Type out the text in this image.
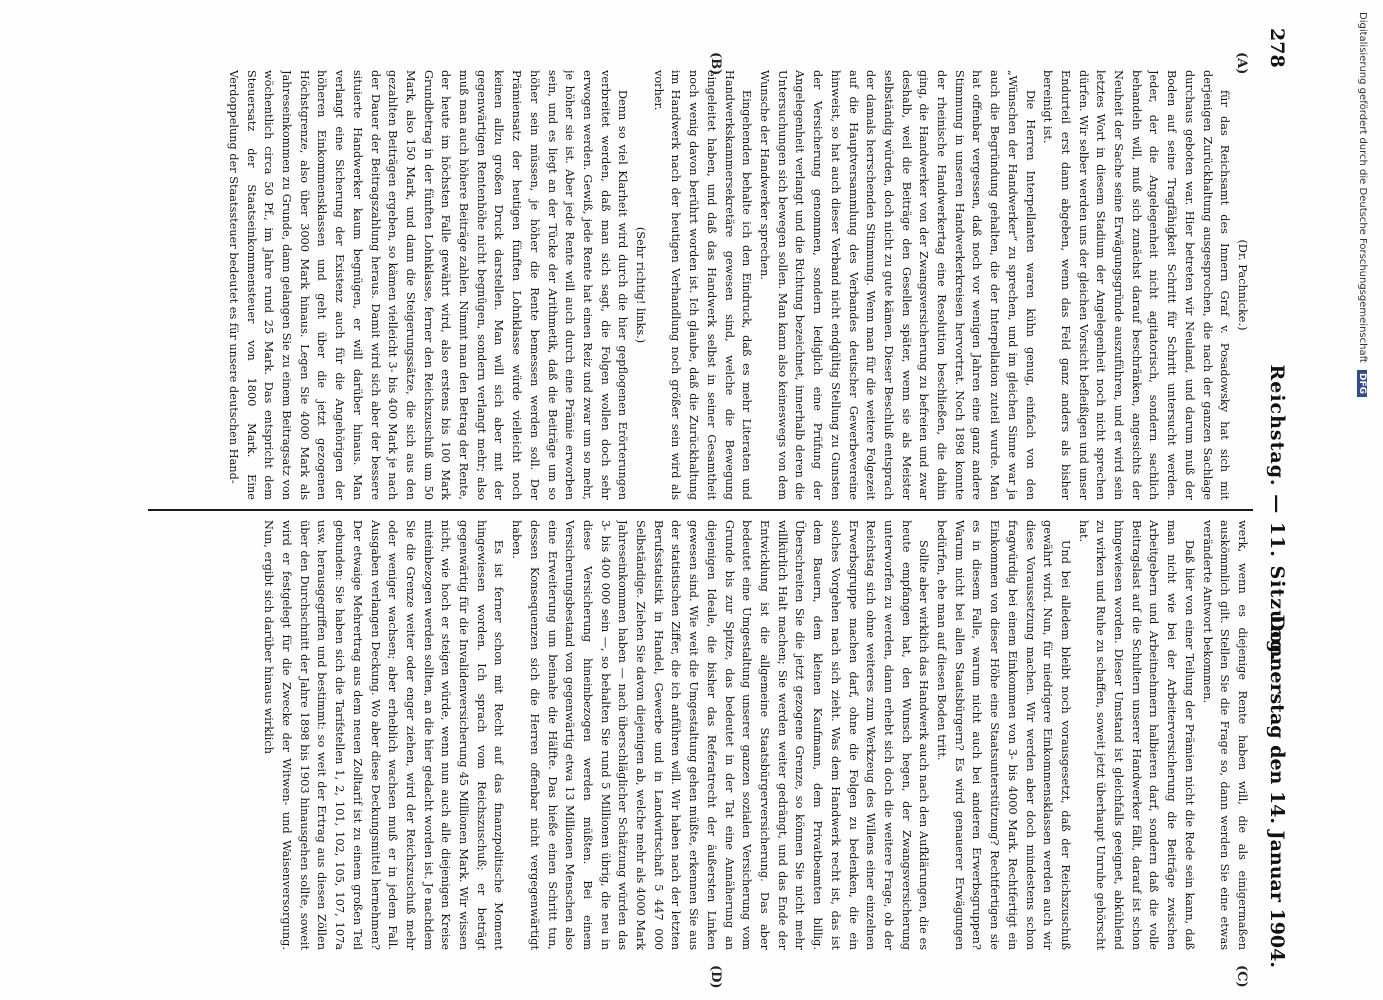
278
Reichstag. — 11. Sitzung.
Donnerstag den 14. Januar 1904.
(A)
(B)
(C)
(D)

(Dr. Pachnicke.)

für das Reichsamt des Innern Graf v. Posadowsky hat sich mit derjenigen Zurückhaltung ausgesprochen, die nach der ganzen Sachlage durchaus geboten war. Hier betreten wir Neuland, und darum muß der Boden auf seine Tragfähigkeit Schritt für Schritt untersucht werden. Jeder, der die Angelegenheit nicht agitatorisch, sondern sachlich behandeln will, muß sich zunächst darauf beschränken, angesichts der Neuheit der Sache seine Erwägungsgründe auszuführen, und er wird sein letztes Wort in diesem Stadium der Angelegenheit noch nicht sprechen dürfen. Wir selber werden uns der gleichen Vorsicht befleißigen und unser Endurteil erst dann abgeben, wenn das Feld ganz anders als bisher bereinigt ist.

Die Herren Interpellanten waren kühn genug, einfach von den „Wünschen der Handwerker“ zu sprechen, und im gleichen Sinne war ja auch die Begründung gehalten, die der Interpellation zuteil wurde. Man hat offenbar vergessen, daß noch vor wenigen Jahren eine ganz andere Stimmung in unseren Handwerkerkreisen hervortrat. Noch 1898 konnte der rheinische Handwerkertag eine Resolution beschließen, die dahin ging, die Handwerker von der Zwangsversicherung zu befreien und zwar deshalb, weil die Beiträge den Gesellen später, wenn sie als Meister selbständig würden, doch nicht zu gute kämen. Dieser Beschluß entsprach der damals herrschenden Stimmung. Wenn man für die weitere Folgezeit auf die Hauptversammlung des Verbandes deutscher Gewerbevereine hinweist, so hat auch dieser Verband nicht endgültig Stellung zu Gunsten der Versicherung genommen, sondern lediglich eine Prüfung der Angelegenheit verlangt und die Richtung bezeichnet, innerhalb deren die Untersuchungen sich bewegen sollen. Man kann also keineswegs von dem Wunsche der Handwerker sprechen.

Eingehenden behalte ich den Eindruck, daß es mehr Literaten und Handwerkskammersekretäre gewesen sind, welche die Bewegung eingeleitet haben, und daß das Handwerk selbst in seiner Gesamtheit noch wenig davon berührt worden ist. Ich glaube, daß die Zurückhaltung im Handwerk nach der heutigen Verhandlung noch größer sein wird als vorher.

(Sehr richtig! links.)

Denn so viel Klarheit wird durch die hier gepflogenen Erörterungen verbreitet werden, daß man sich sagt, die Folgen wollen doch sehr erwogen werden. Gewiß, jede Rente hat einen Reiz und zwar um so mehr, je höher sie ist. Aber jede Rente will auch durch eine Prämie erworben sein, und es liegt an der Tücke der Arithmetik, daß die Beiträge um so höher sein müssen, je höher die Rente bemessen werden soll. Der Prämiensatz der heutigen fünften Lohnklasse würde vielleicht noch keinen allzu großen Druck darstellen. Man will sich aber mit der gegenwärtigen Rentenhöhe nicht begnügen, sondern verlangt mehr; also muß man auch höhere Beiträge zahlen. Nimmt man den Betrag der Rente, der heute im höchsten Falle gewährt wird, also erstens bis 100 Mark Grundbetrag in der fünften Lohnklasse, ferner den Reichszuschuß um 50 Mark, also 150 Mark, und dann die Steigerungssätze, die sich aus den gezahlten Beiträgen ergeben, so kämen vielleicht 3- bis 400 Mark je nach der Dauer der Beitragszahlung heraus. Damit wird sich aber der bessere situierte Handwerker kaum begnügen, er will darüber hinaus. Man verlangt eine Sicherung der Existenz auch für die Angehörigen der höheren Einkommensklassen und geht über die jetzt gezogenen Höchstgrenze, also über 3000 Mark hinaus. Legen Sie 4000 Mark als Jahreseinkommen zu Grunde, dann gelangen Sie zu einem Beitragsatz von wöchentlich circa 50 Pf., im Jahre rund 25 Mark. Das entspricht dem Steuersatz der Staatseinkommensteuer von 1800 Mark. Eine Verdoppelung der Staatssteuer bedeutet es für unsere deutschen Hand-

werk, wenn es diejenige Rente haben will, die als einigermaßen auskömmlich gilt. Stellen Sie die Frage so, dann werden Sie eine etwas veränderte Antwort bekommen.

Daß hier von einer Teilung der Prämien nicht die Rede sein kann, daß man nicht wie bei der Arbeiterversicherung die Beiträge zwischen Arbeitgebern und Arbeitnehmern halbieren darf, sondern daß die volle Beitragslast auf die Schultern unserer Handwerker fällt, darauf ist schon hingewiesen worden. Dieser Umstand ist gleichfalls geeignet, abkühlend zu wirken und Ruhe zu schaffen, soweit jetzt überhaupt Unruhe gehörscht hat.

Und bei alledem bleibt noch vorausgesetzt, daß der Reichszuschuß gewährt wird. Nun, für niedrigere Einkommensklassen werden auch wir diese Voraussetzung machen. Wir werden aber doch mindestens schon fragwürdig bei einem Einkommen von 3- bis 4000 Mark. Rechtfertigt ein Einkommen von dieser Höhe eine Staatsunterstützung? Rechtfertigen sie es in diesem Falle, warum nicht auch bei anderen Erwerbsgruppen? Warum nicht bei allen Staatsbürgern? Es wird genauerer Erwägungen bedürfen, ehe man auf diesen Boden tritt.

Sollte aber wirklich das Handwerk auch nach den Aufklärungen, die es heute empfangen hat, den Wunsch hegen, der Zwangsversicherung unterworfen zu werden, dann erhebt sich doch die weitere Frage, ob der Reichstag sich ohne weiteres zum Werkzeug des Willens einer einzelnen Erwerbsgruppe machen darf, ohne die Folgen zu bedenken, die ein solches Vorgehen nach sich zieht. Was dem Handwerk recht ist, das ist dem Bauern, dem kleinen Kaufmann, dem Privatbeamten billig. Überschreiten Sie die jetzt gezogene Grenze, so können Sie nicht mehr willkürlich Halt machen; Sie werden weiter gedrängt, und das Ende der Entwicklung ist die allgemeine Staatsbürgerversicherung. Das aber bedeutet eine Umgestaltung unserer ganzen sozialen Versicherung vom Grunde bis zur Spitze, das bedeutet in der Tat eine Annäherung an diejenigen Ideale, die bisher das Referatrecht der äußersten Linken gewesen sind. Wie weit die Umgestaltung gehen müßte, erkennen Sie aus der statistischen Ziffer, die ich anführen will. Wir haben nach der letzten Berufsstatistik in Handel, Gewerbe und in Landwirtschaft 5 447 000 Selbständige. Ziehen Sie davon diejenigen ab, welche mehr als 4000 Mark Jahreseinkommen haben — nach überschläglicher Schätzung würden das 3- bis 400 000 sein —, so behalten Sie rund 5 Millionen übrig, die neu in diese Versicherung hineinbezogen werden müßten. Bei einem Versicherungsbestand von gegenwärtig etwa 13 Millionen Menschen also eine Erweiterung um beinahe die Hälfte. Das hieße einen Schritt tun, dessen Konsequenzen sich die Herren offenbar nicht vergegenwärtigt haben.

Es ist ferner schon mit Recht auf das finanzpolitische Moment hingewiesen worden. Ich sprach vom Reichszuschuß; er beträgt gegenwärtig für die Invalidenversicherung 45 Millionen Mark. Wir wissen nicht, wie hoch er steigen würde, wenn nun auch alle diejenigen Kreise miteinbezogen werden sollten, an die hier gedacht worden ist. Je nachdem Sie die Grenze weiter oder enger ziehen, wird der Reichszuschuß mehr oder weniger wachsen; aber erheblich wachsen muß er in jedem Fall. Ausgaben verlangen Deckung. Wo aber diese Deckungsmittel hernehmen? Der etwaige Mehrertrag aus dem neuen Zolltarif ist zu einem großen Teil gebunden: Sie haben sich die Tarifstellen 1, 2, 101, 102, 105, 107, 107a usw. herausgegriffen und bestimmt: so weit der Ertrag aus diesen Zöllen über den Durchschnitt der Jahre 1898 bis 1903 hinausgehen sollte, soweit wird er festgelegt für die Zwecke der Witwen- und Waisenversorgung. Nun, ergibt sich darüber hinaus wirklich

Digitalisierung gefördert durch die Deutsche Forschungsgemeinschaft DFG
